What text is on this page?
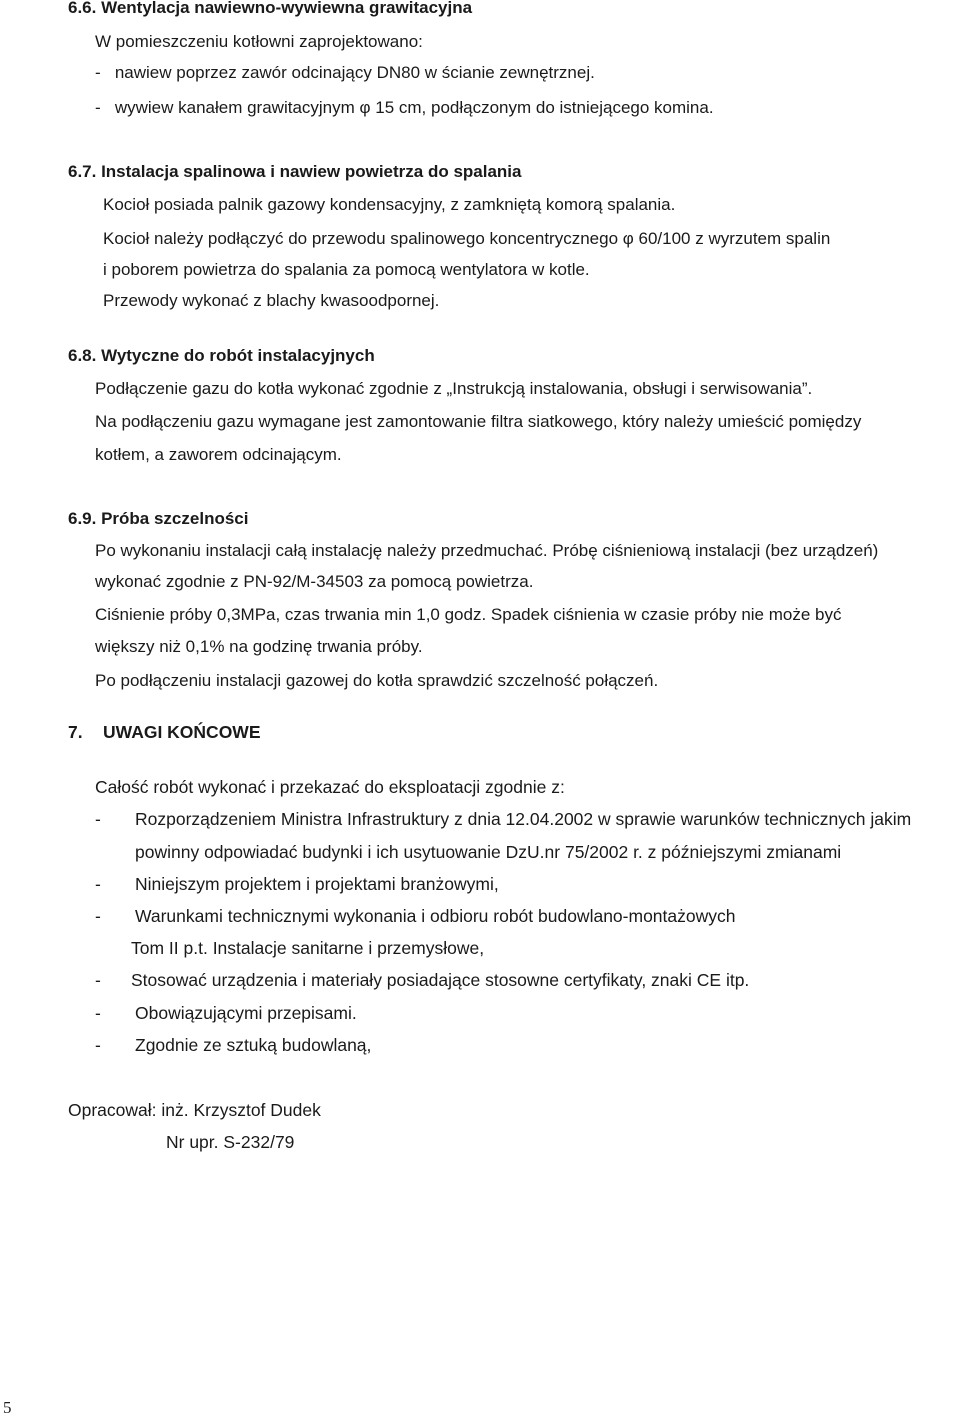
6.6. Wentylacja nawiewno-wywiewna grawitacyjna
W pomieszczeniu kotłowni zaprojektowano:
-   nawiew poprzez zawór odcinający DN80 w ścianie zewnętrznej.
-   wywiew kanałem grawitacyjnym φ 15 cm, podłączonym do istniejącego komina.
6.7. Instalacja spalinowa i nawiew powietrza do spalania
Kocioł posiada palnik gazowy kondensacyjny, z zamkniętą komorą spalania.
Kocioł należy podłączyć do przewodu spalinowego koncentrycznego φ 60/100 z wyrzutem spalin
i poborem powietrza do spalania za pomocą wentylatora w kotle.
Przewody wykonać z blachy kwasoodpornej.
6.8. Wytyczne do robót instalacyjnych
Podłączenie gazu do kotła wykonać zgodnie z „Instrukcją instalowania, obsługi i serwisowania”.
Na podłączeniu gazu wymagane jest zamontowanie filtra siatkowego, który należy umieścić pomiędzy
kotłem, a zaworem odcinającym.
6.9. Próba szczelności
Po wykonaniu instalacji całą instalację należy przedmuchać. Próbę ciśnieniową instalacji (bez urządzeń)
wykonać zgodnie z PN-92/M-34503 za pomocą powietrza.
Ciśnienie próby 0,3MPa, czas trwania min 1,0 godz. Spadek ciśnienia w czasie próby nie może być
większy niż 0,1% na godzinę trwania próby.
Po podłączeniu instalacji gazowej do kotła sprawdzić szczelność połączeń.
7. UWAGI KOŃCOWE
Całość robót wykonać i przekazać do eksploatacji zgodnie z:
- Rozporządzeniem Ministra Infrastruktury z dnia 12.04.2002 w sprawie warunków technicznych jakim
powinny odpowiadać budynki i ich usytuowanie DzU.nr 75/2002 r. z późniejszymi zmianami
- Niniejszym projektem i projektami branżowymi,
- Warunkami technicznymi wykonania i odbioru robót budowlano-montażowych
Tom II p.t. Instalacje sanitarne i przemysłowe,
- Stosować urządzenia i materiały posiadające stosowne certyfikaty, znaki CE itp.
- Obowiązującymi przepisami.
- Zgodnie ze sztuką budowlaną,
Opracował: inż. Krzysztof Dudek
Nr upr. S-232/79
5
